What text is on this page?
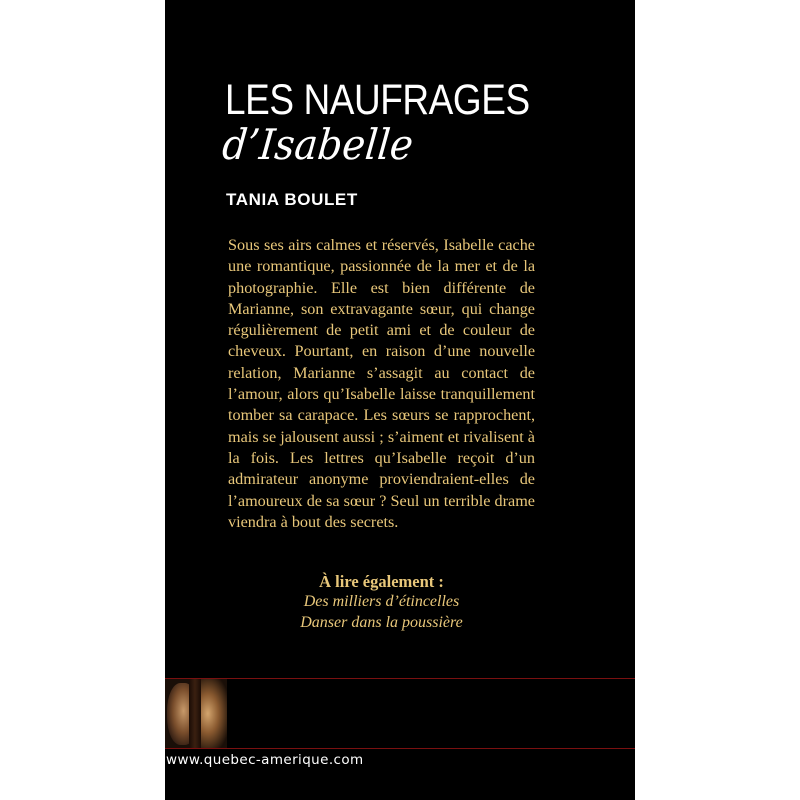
LES NAUFRAGES
d’Isabelle
TANIA BOULET
Sous ses airs calmes et réservés, Isabelle cache une romantique, passionnée de la mer et de la photographie. Elle est bien différente de Marianne, son extravagante sœur, qui change régulièrement de petit ami et de couleur de cheveux. Pourtant, en raison d’une nouvelle relation, Marianne s’assagit au contact de l’amour, alors qu’Isabelle laisse tranquillement tomber sa carapace. Les sœurs se rapprochent, mais se jalousent aussi ; s’aiment et rivalisent à la fois. Les lettres qu’Isabelle reçoit d’un admirateur anonyme proviendraient-elles de l’amoureux de sa sœur ? Seul un terrible drame viendra à bout des secrets.
À lire également :
Des milliers d’étincelles
Danser dans la poussière
www.quebec-amerique.com
